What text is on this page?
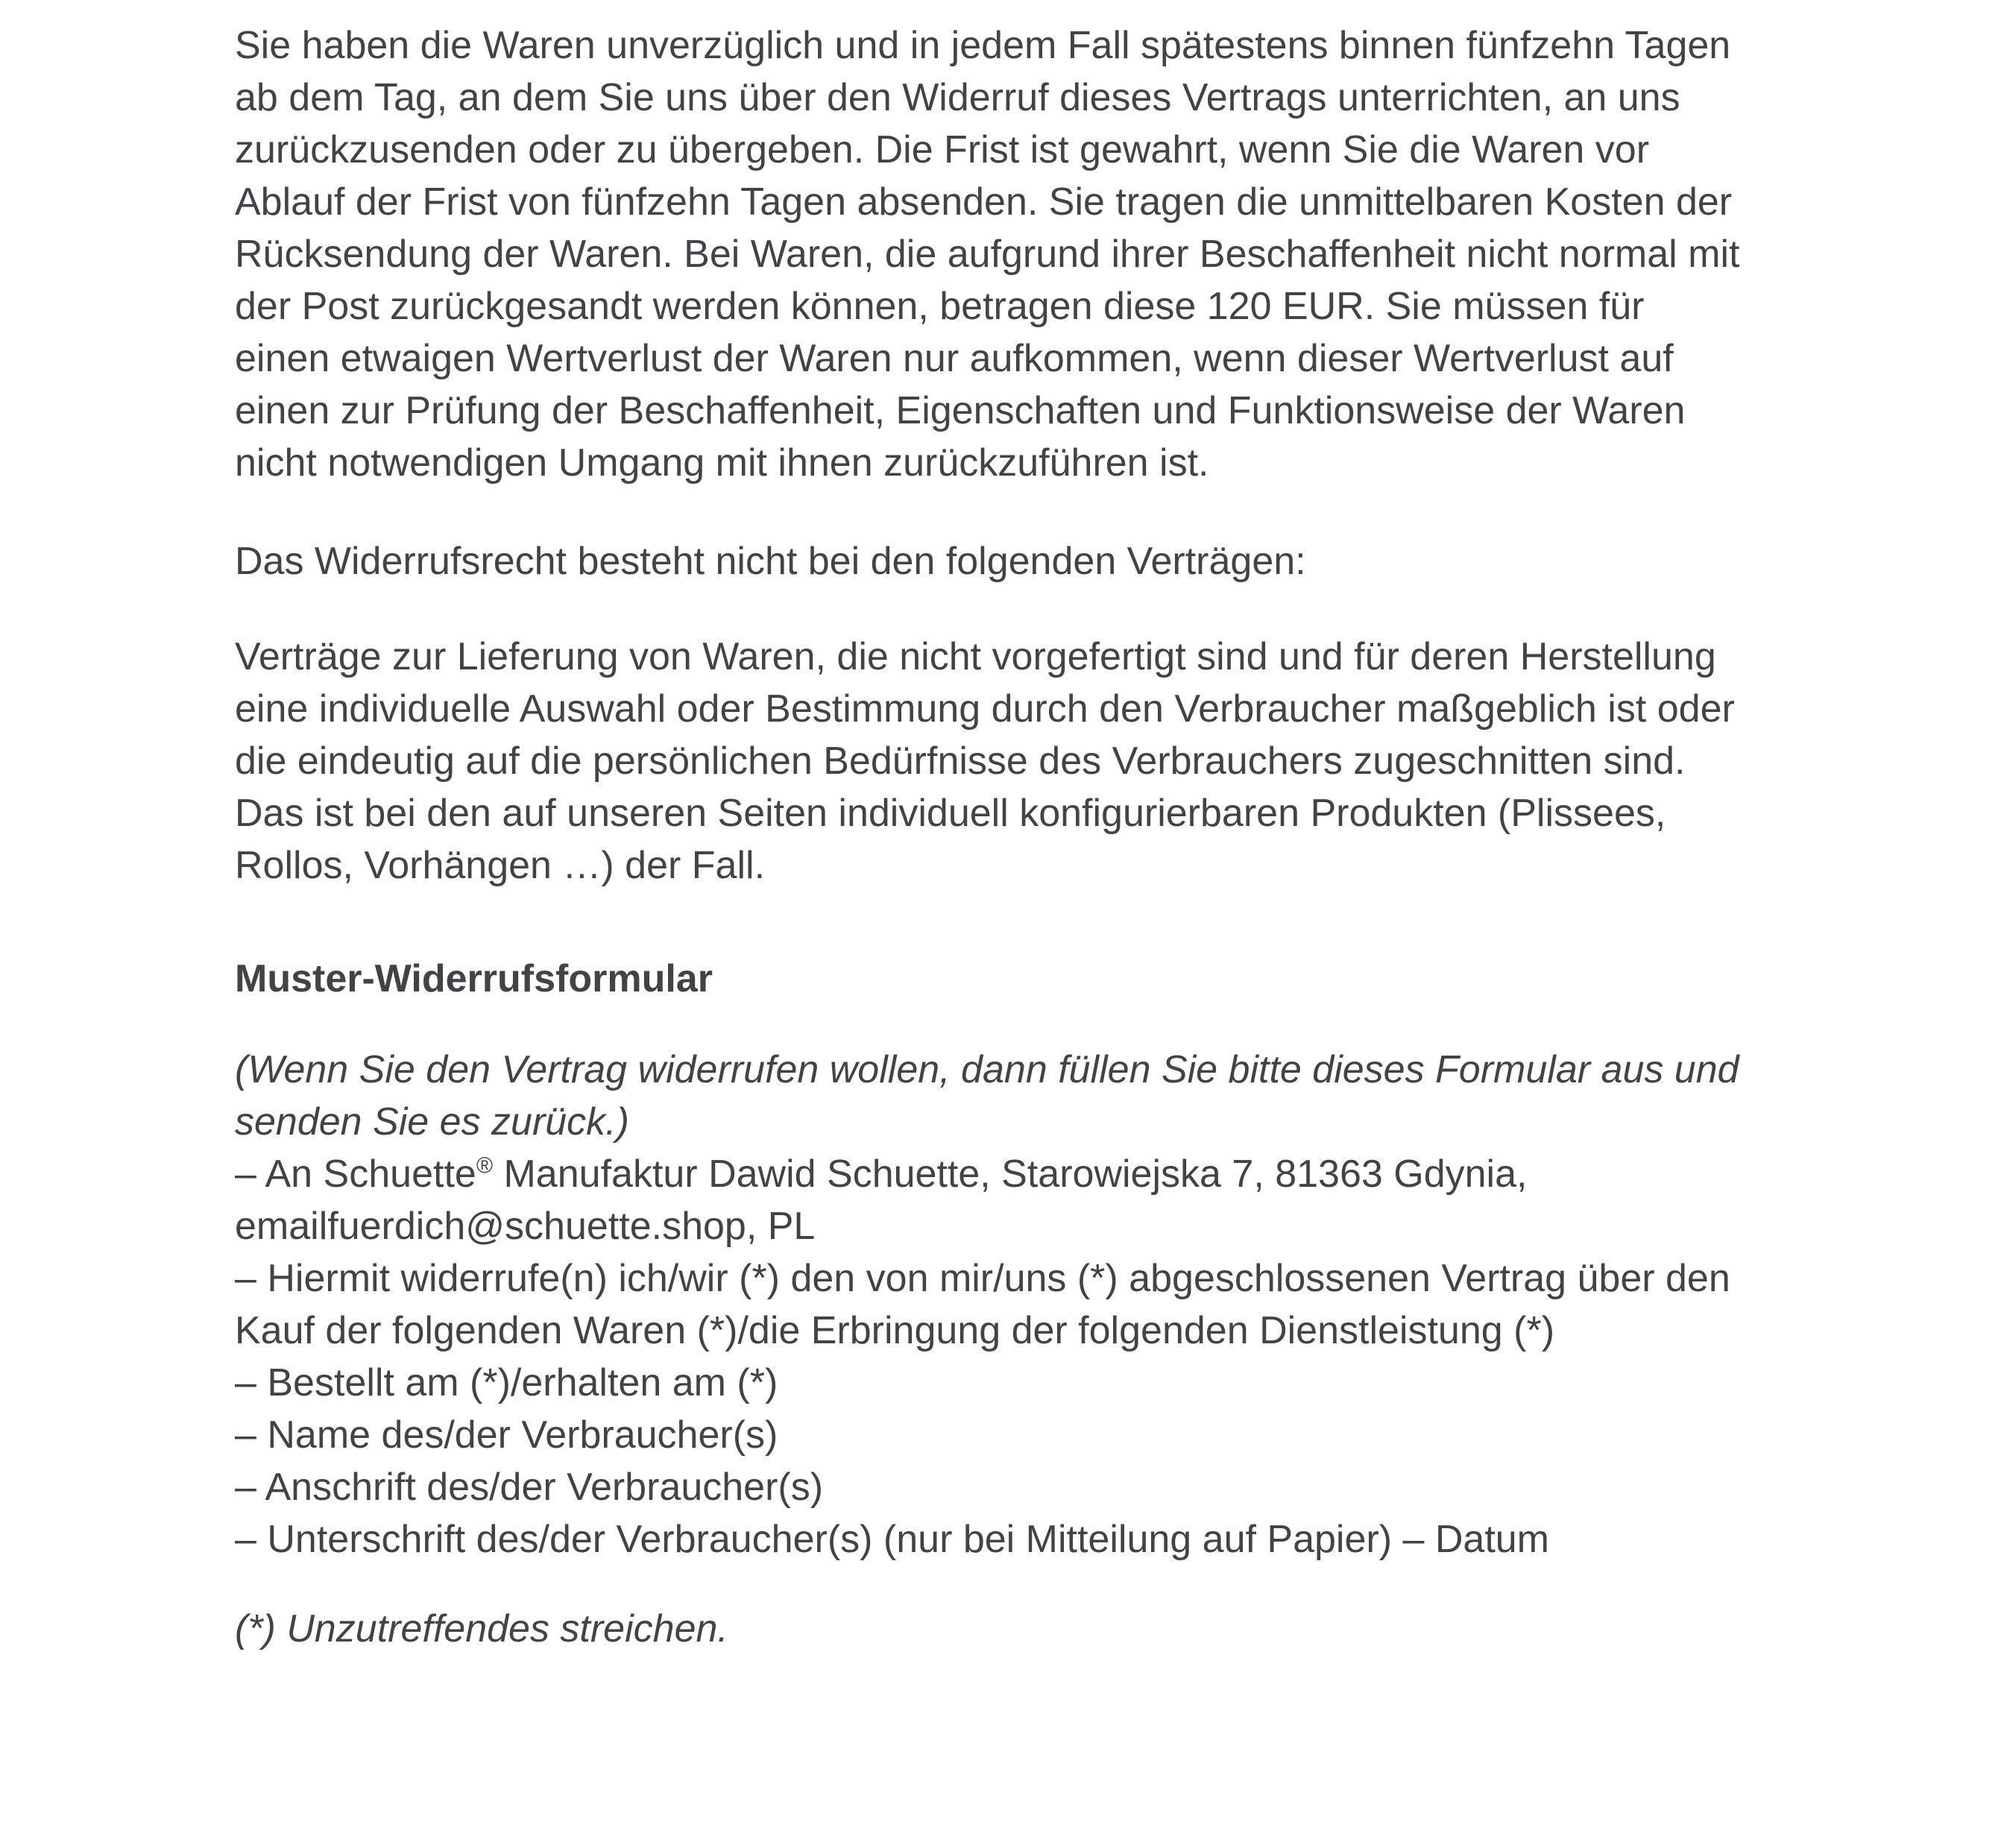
Sie haben die Waren unverzüglich und in jedem Fall spätestens binnen fünfzehn Tagen
ab dem Tag, an dem Sie uns über den Widerruf dieses Vertrags unterrichten, an uns
zurückzusenden oder zu übergeben. Die Frist ist gewahrt, wenn Sie die Waren vor
Ablauf der Frist von fünfzehn Tagen absenden. Sie tragen die unmittelbaren Kosten der
Rücksendung der Waren. Bei Waren, die aufgrund ihrer Beschaffenheit nicht normal mit
der Post zurückgesandt werden können, betragen diese 120 EUR. Sie müssen für
einen etwaigen Wertverlust der Waren nur aufkommen, wenn dieser Wertverlust auf
einen zur Prüfung der Beschaffenheit, Eigenschaften und Funktionsweise der Waren
nicht notwendigen Umgang mit ihnen zurückzuführen ist.
Das Widerrufsrecht besteht nicht bei den folgenden Verträgen:
Verträge zur Lieferung von Waren, die nicht vorgefertigt sind und für deren Herstellung
eine individuelle Auswahl oder Bestimmung durch den Verbraucher maßgeblich ist oder
die eindeutig auf die persönlichen Bedürfnisse des Verbrauchers zugeschnitten sind.
Das ist bei den auf unseren Seiten individuell konfigurierbaren Produkten (Plissees,
Rollos, Vorhängen …) der Fall.
Muster-Widerrufsformular
(Wenn Sie den Vertrag widerrufen wollen, dann füllen Sie bitte dieses Formular aus und
senden Sie es zurück.)
– An Schuette® Manufaktur Dawid Schuette, Starowiejska 7, 81363 Gdynia,
emailfuerdich@schuette.shop, PL
– Hiermit widerrufe(n) ich/wir (*) den von mir/uns (*) abgeschlossenen Vertrag über den
Kauf der folgenden Waren (*)/die Erbringung der folgenden Dienstleistung (*)
– Bestellt am (*)/erhalten am (*)
– Name des/der Verbraucher(s)
– Anschrift des/der Verbraucher(s)
– Unterschrift des/der Verbraucher(s) (nur bei Mitteilung auf Papier) – Datum
(*) Unzutreffendes streichen.
